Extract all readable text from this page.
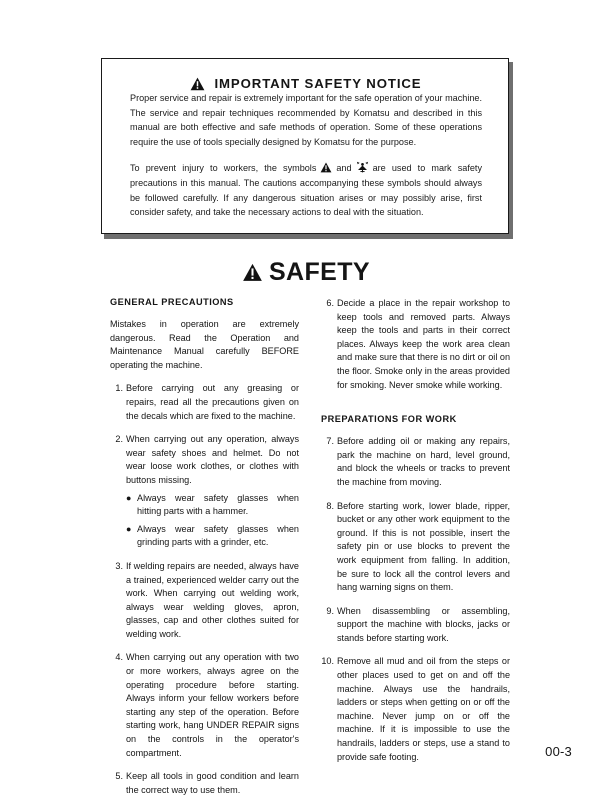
IMPORTANT SAFETY NOTICE

Proper service and repair is extremely important for the safe operation of your machine. The service and repair techniques recommended by Komatsu and described in this manual are both effective and safe methods of operation. Some of these operations require the use of tools specially designed by Komatsu for the purpose.

To prevent injury to workers, the symbols and are used to mark safety precautions in this manual. The cautions accompanying these symbols should always be followed carefully. If any dangerous situation arises or may possibly arise, first consider safety, and take the necessary actions to deal with the situation.

SAFETY
GENERAL PRECAUTIONS

Mistakes in operation are extremely dangerous. Read the Operation and Maintenance Manual carefully BEFORE operating the machine.

1. Before carrying out any greasing or repairs, read all the precautions given on the decals which are fixed to the machine.
2. When carrying out any operation, always wear safety shoes and helmet. Do not wear loose work clothes, or clothes with buttons missing.
● Always wear safety glasses when hitting parts with a hammer.
● Always wear safety glasses when grinding parts with a grinder, etc.
3. If welding repairs are needed, always have a trained, experienced welder carry out the work. When carrying out welding work, always wear welding gloves, apron, glasses, cap and other clothes suited for welding work.
4. When carrying out any operation with two or more workers, always agree on the operating procedure before starting. Always inform your fellow workers before starting any step of the operation. Before starting work, hang UNDER REPAIR signs on the controls in the operator's compartment.
5. Keep all tools in good condition and learn the correct way to use them.
6. Decide a place in the repair workshop to keep tools and removed parts. Always keep the tools and parts in their correct places. Always keep the work area clean and make sure that there is no dirt or oil on the floor. Smoke only in the areas provided for smoking. Never smoke while working.
PREPARATIONS FOR WORK
7. Before adding oil or making any repairs, park the machine on hard, level ground, and block the wheels or tracks to prevent the machine from moving.
8. Before starting work, lower blade, ripper, bucket or any other work equipment to the ground. If this is not possible, insert the safety pin or use blocks to prevent the work equipment from falling. In addition, be sure to lock all the control levers and hang warning signs on them.
9. When disassembling or assembling, support the machine with blocks, jacks or stands before starting work.
10. Remove all mud and oil from the steps or other places used to get on and off the machine. Always use the handrails, ladders or steps when getting on or off the machine. Never jump on or off the machine. If it is impossible to use the handrails, ladders or steps, use a stand to provide safe footing.	00-3
